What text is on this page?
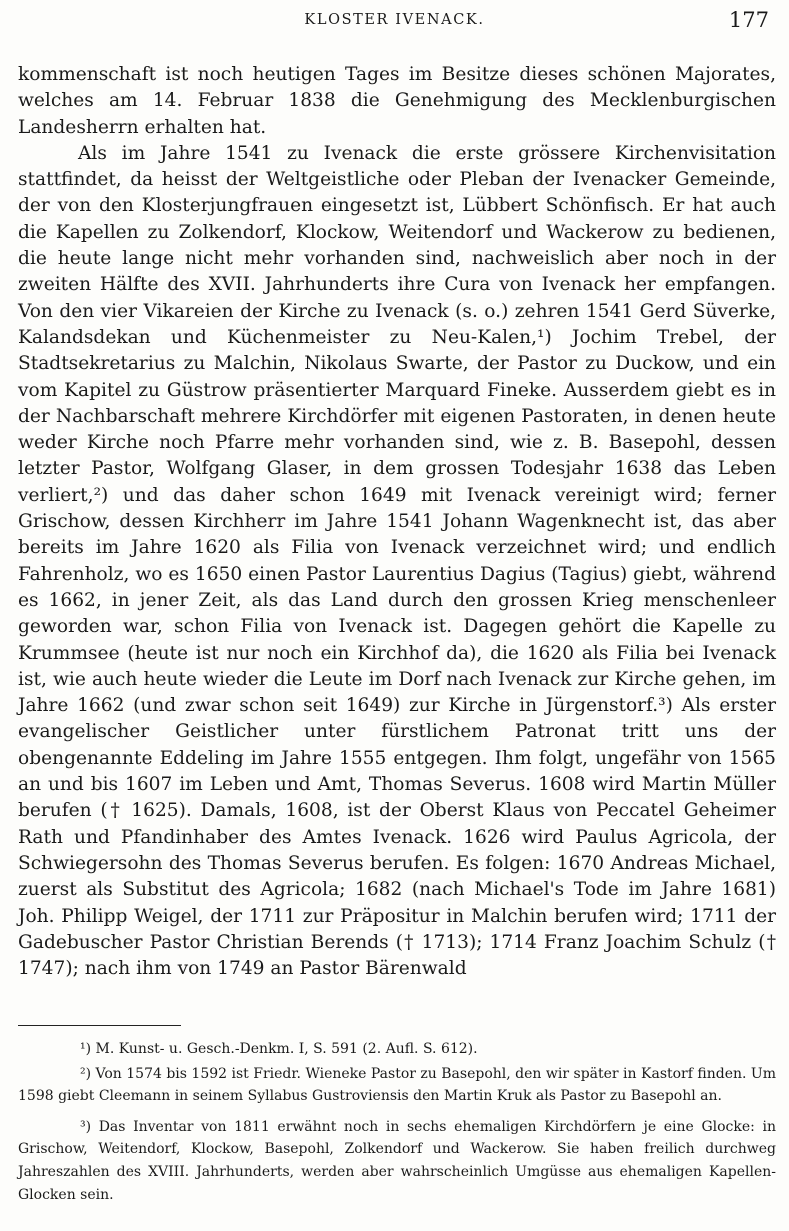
KLOSTER IVENACK.	177

kommenschaft ist noch heutigen Tages im Besitze dieses schönen Majorates, welches am 14. Februar 1838 die Genehmigung des Mecklenburgischen Landesherrn erhalten hat.

Als im Jahre 1541 zu Ivenack die erste grössere Kirchenvisitation stattfindet, da heisst der Weltgeistliche oder Pleban der Ivenacker Gemeinde, der von den Klosterjungfrauen eingesetzt ist, Lübbert Schönfisch. Er hat auch die Kapellen zu Zolkendorf, Klockow, Weitendorf und Wackerow zu bedienen, die heute lange nicht mehr vorhanden sind, nachweislich aber noch in der zweiten Hälfte des XVII. Jahrhunderts ihre Cura von Ivenack her empfangen. Von den vier Vikareien der Kirche zu Ivenack (s. o.) zehren 1541 Gerd Süverke, Kalandsdekan und Küchenmeister zu Neu-Kalen,¹) Jochim Trebel, der Stadtsekretarius zu Malchin, Nikolaus Swarte, der Pastor zu Duckow, und ein vom Kapitel zu Güstrow präsentierter Marquard Fineke. Ausserdem giebt es in der Nachbarschaft mehrere Kirchdörfer mit eigenen Pastoraten, in denen heute weder Kirche noch Pfarre mehr vorhanden sind, wie z. B. Basepohl, dessen letzter Pastor, Wolfgang Glaser, in dem grossen Todesjahr 1638 das Leben verliert,²) und das daher schon 1649 mit Ivenack vereinigt wird; ferner Grischow, dessen Kirchherr im Jahre 1541 Johann Wagenknecht ist, das aber bereits im Jahre 1620 als Filia von Ivenack verzeichnet wird; und endlich Fahrenholz, wo es 1650 einen Pastor Laurentius Dagius (Tagius) giebt, während es 1662, in jener Zeit, als das Land durch den grossen Krieg menschenleer geworden war, schon Filia von Ivenack ist. Dagegen gehört die Kapelle zu Krummsee (heute ist nur noch ein Kirchhof da), die 1620 als Filia bei Ivenack ist, wie auch heute wieder die Leute im Dorf nach Ivenack zur Kirche gehen, im Jahre 1662 (und zwar schon seit 1649) zur Kirche in Jürgenstorf.³) Als erster evangelischer Geistlicher unter fürstlichem Patronat tritt uns der obengenannte Eddeling im Jahre 1555 entgegen. Ihm folgt, ungefähr von 1565 an und bis 1607 im Leben und Amt, Thomas Severus. 1608 wird Martin Müller berufen († 1625). Damals, 1608, ist der Oberst Klaus von Peccatel Geheimer Rath und Pfandinhaber des Amtes Ivenack. 1626 wird Paulus Agricola, der Schwiegersohn des Thomas Severus berufen. Es folgen: 1670 Andreas Michael, zuerst als Substitut des Agricola; 1682 (nach Michael's Tode im Jahre 1681) Joh. Philipp Weigel, der 1711 zur Präpositur in Malchin berufen wird; 1711 der Gadebuscher Pastor Christian Berends († 1713); 1714 Franz Joachim Schulz († 1747); nach ihm von 1749 an Pastor Bärenwald

¹) M. Kunst- u. Gesch.-Denkm. I, S. 591 (2. Aufl. S. 612).

²) Von 1574 bis 1592 ist Friedr. Wieneke Pastor zu Basepohl, den wir später in Kastorf finden. Um 1598 giebt Cleemann in seinem Syllabus Gustroviensis den Martin Kruk als Pastor zu Basepohl an.

³) Das Inventar von 1811 erwähnt noch in sechs ehemaligen Kirchdörfern je eine Glocke: in Grischow, Weitendorf, Klockow, Basepohl, Zolkendorf und Wackerow. Sie haben freilich durchweg Jahreszahlen des XVIII. Jahrhunderts, werden aber wahrscheinlich Umgüsse aus ehemaligen Kapellen-Glocken sein.
